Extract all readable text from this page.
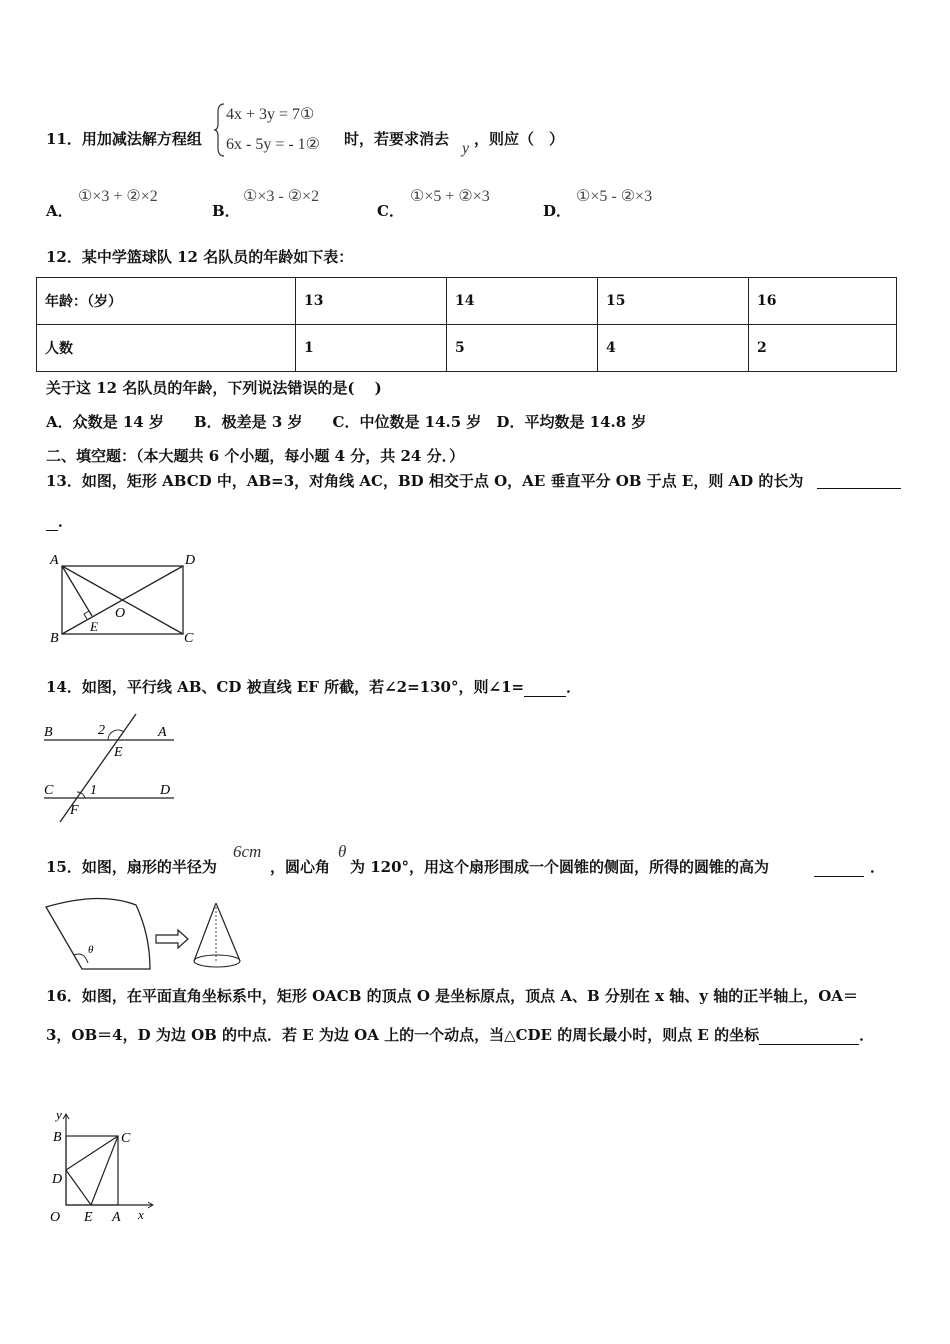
11．用加减法解方程组
4x + 3y = 7①
6x - 5y = - 1② 时，若要求消去
y
，则应（　）
A．
①×3 + ②×2
B．
①×3 - ②×2
C．
①×5 + ②×3
D．
①×5 - ②×3
12．某中学篮球队 12 名队员的年龄如下表：
年龄：（岁）	13	14	15	16
人数	1	5	4	2
关于这 12 名队员的年龄，下列说法错误的是(　 )
A．众数是 14 岁　　B．极差是 3 岁　　C．中位数是 14.5 岁　D．平均数是 14.8 岁
二、填空题：（本大题共 6 个小题，每小题 4 分，共 24 分．）
13．如图，矩形 ABCD 中，AB=3，对角线 AC，BD 相交于点 O，AE 垂直平分 OB 于点 E，则 AD 的长为

．
A	D
B	C
E
O
14．如图，平行线 AB、CD 被直线 EF 所截，若∠2=130°，则∠1=	．
B	A
2
E
C	1	D
F
15．如图，扇形的半径为
6cm
，圆心角
θ
为 120°，用这个扇形围成一个圆锥的侧面，所得的圆锥的高为	．
θ
16．如图，在平面直角坐标系中，矩形 OACB 的顶点 O 是坐标原点，顶点 A、B 分别在 x 轴、y 轴的正半轴上，OA＝
3，OB＝4，D 为边 OB 的中点．若 E 为边 OA 上的一个动点，当△CDE 的周长最小时，则点 E 的坐标	．
y
x
B	C
D
O E A
